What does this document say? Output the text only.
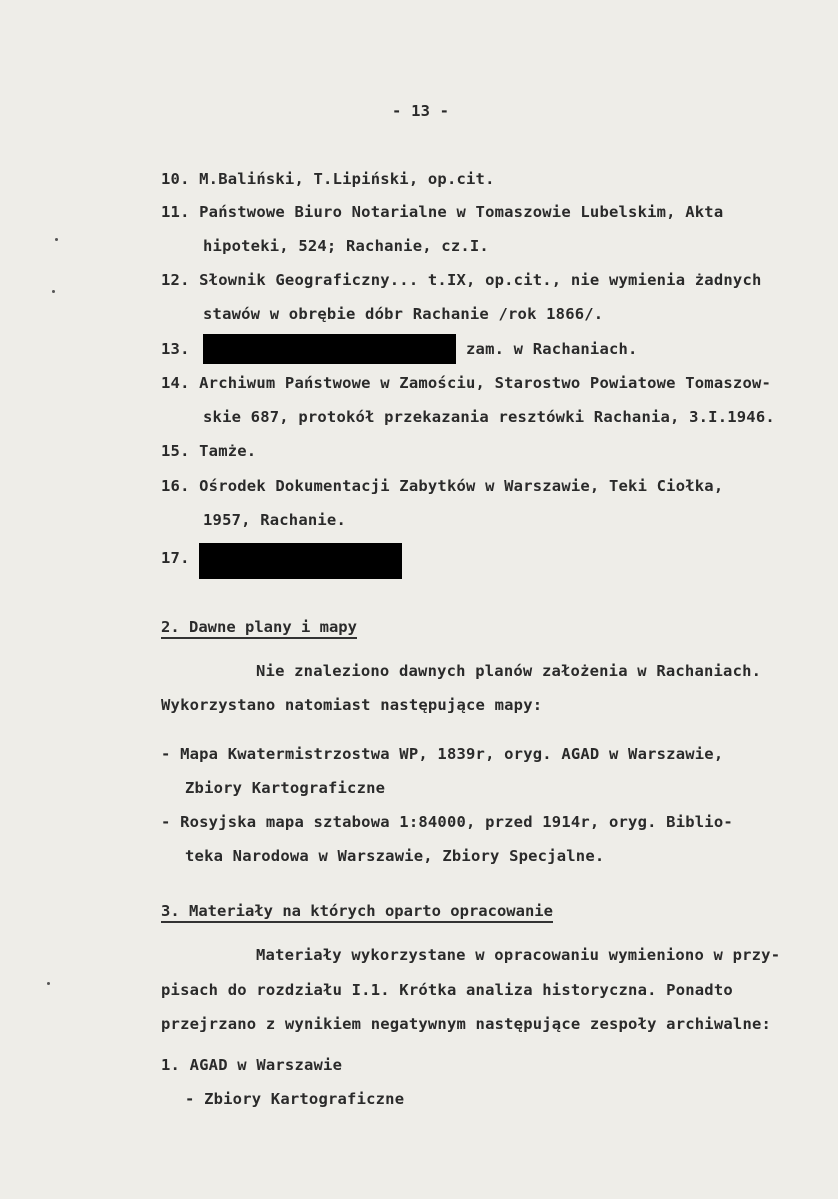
- 13 -
10. M.Baliński, T.Lipiński, op.cit.
11. Państwowe Biuro Notarialne w Tomaszowie Lubelskim, Akta
hipoteki, 524; Rachanie, cz.I.
12. Słownik Geograficzny... t.IX, op.cit., nie wymienia żadnych
stawów w obrębie dóbr Rachanie /rok 1866/.
13.	zam. w Rachaniach.
14. Archiwum Państwowe w Zamościu, Starostwo Powiatowe Tomaszow-
skie 687, protokół przekazania resztówki Rachania, 3.I.1946.
15. Tamże.
16. Ośrodek Dokumentacji Zabytków w Warszawie, Teki Ciołka,
1957, Rachanie.
17.
2. Dawne plany i mapy
Nie znaleziono dawnych planów założenia w Rachaniach.
Wykorzystano natomiast następujące mapy:
- Mapa Kwatermistrzostwa WP, 1839r, oryg. AGAD w Warszawie,
Zbiory Kartograficzne
- Rosyjska mapa sztabowa 1:84000, przed 1914r, oryg. Biblio-
teka Narodowa w Warszawie, Zbiory Specjalne.
3. Materiały na których oparto opracowanie
Materiały wykorzystane w opracowaniu wymieniono w przy-
pisach do rozdziału I.1. Krótka analiza historyczna. Ponadto
przejrzano z wynikiem negatywnym następujące zespoły archiwalne:
1. AGAD w Warszawie
- Zbiory Kartograficzne
